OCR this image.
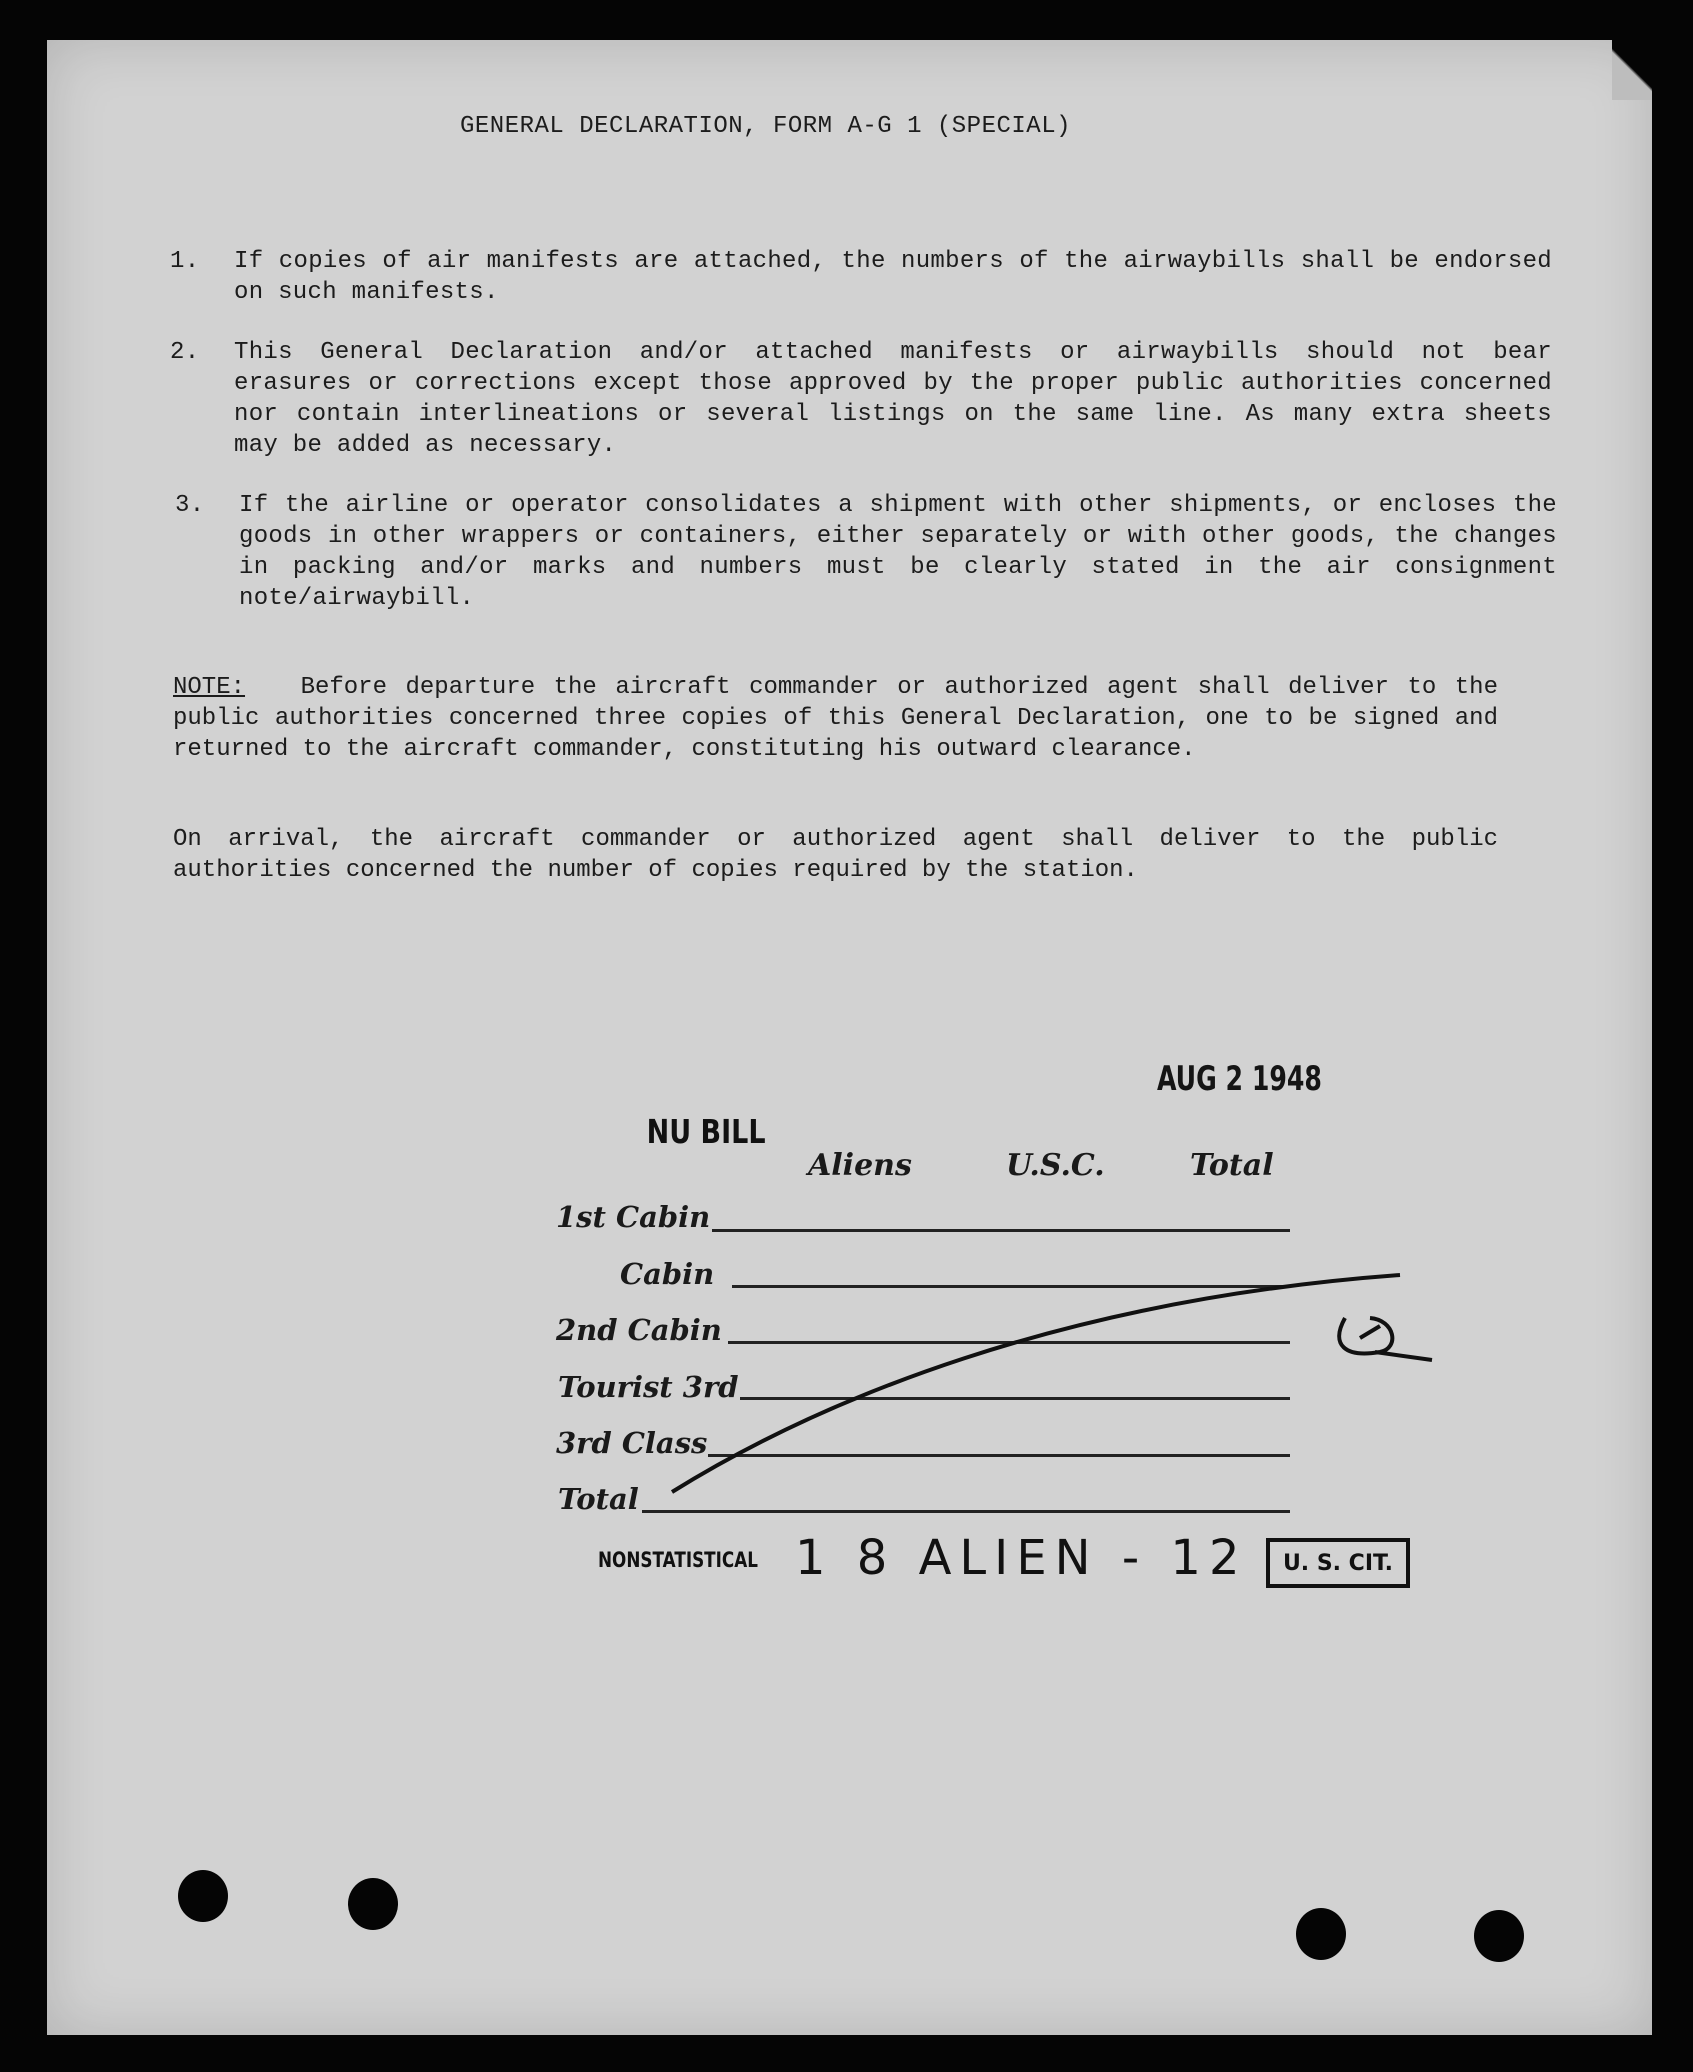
GENERAL DECLARATION, FORM A-G 1 (SPECIAL)
1. If copies of air manifests are attached, the numbers of the airwaybills shall be endorsed on such manifests.
2. This General Declaration and/or attached manifests or airwaybills should not bear erasures or corrections except those approved by the proper public authorities concerned nor contain interlineations or several listings on the same line. As many extra sheets may be added as necessary.
3. If the airline or operator consolidates a shipment with other shipments, or encloses the goods in other wrappers or containers, either separately or with other goods, the changes in packing and/or marks and numbers must be clearly stated in the air consignment note/airwaybill.
NOTE: Before departure the aircraft commander or authorized agent shall deliver to the public authorities concerned three copies of this General Declaration, one to be signed and returned to the aircraft commander, constituting his outward clearance.
On arrival, the aircraft commander or authorized agent shall deliver to the public authorities concerned the number of copies required by the station.
AUG 2 1948
NU BILL
Aliens	U.S.C.	Total
1st Cabin
Cabin
2nd Cabin
Tourist 3rd
3rd Class
Total
NONSTATISTICAL 1 8 ALIEN - 12	U. S. CIT.
